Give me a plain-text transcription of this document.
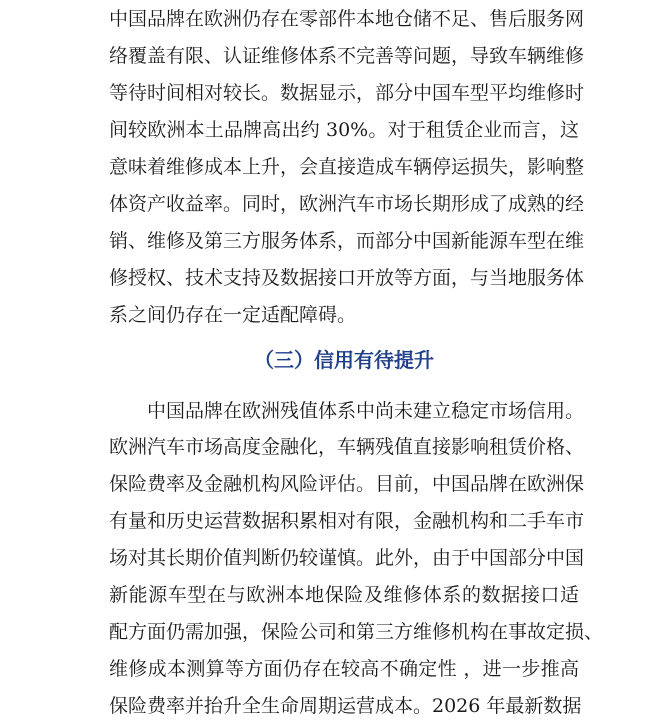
中国品牌在欧洲仍存在零部件本地仓储不足、售后服务网
络覆盖有限、认证维修体系不完善等问题，导致车辆维修
等待时间相对较长。数据显示，部分中国车型平均维修时
间较欧洲本土品牌高出约 30%。对于租赁企业而言，这
意味着维修成本上升，会直接造成车辆停运损失，影响整
体资产收益率。同时，欧洲汽车市场长期形成了成熟的经
销、维修及第三方服务体系，而部分中国新能源车型在维
修授权、技术支持及数据接口开放等方面，与当地服务体
系之间仍存在一定适配障碍。
（三）信用有待提升
中国品牌在欧洲残值体系中尚未建立稳定市场信用。
欧洲汽车市场高度金融化，车辆残值直接影响租赁价格、
保险费率及金融机构风险评估。目前，中国品牌在欧洲保
有量和历史运营数据积累相对有限，金融机构和二手车市
场对其长期价值判断仍较谨慎。此外，由于中国部分中国
新能源车型在与欧洲本地保险及维修体系的数据接口适
配方面仍需加强，保险公司和第三方维修机构在事故定损、
维修成本测算等方面仍存在较高不确定性 ，进一步推高
保险费率并抬升全生命周期运营成本。2026 年最新数据
